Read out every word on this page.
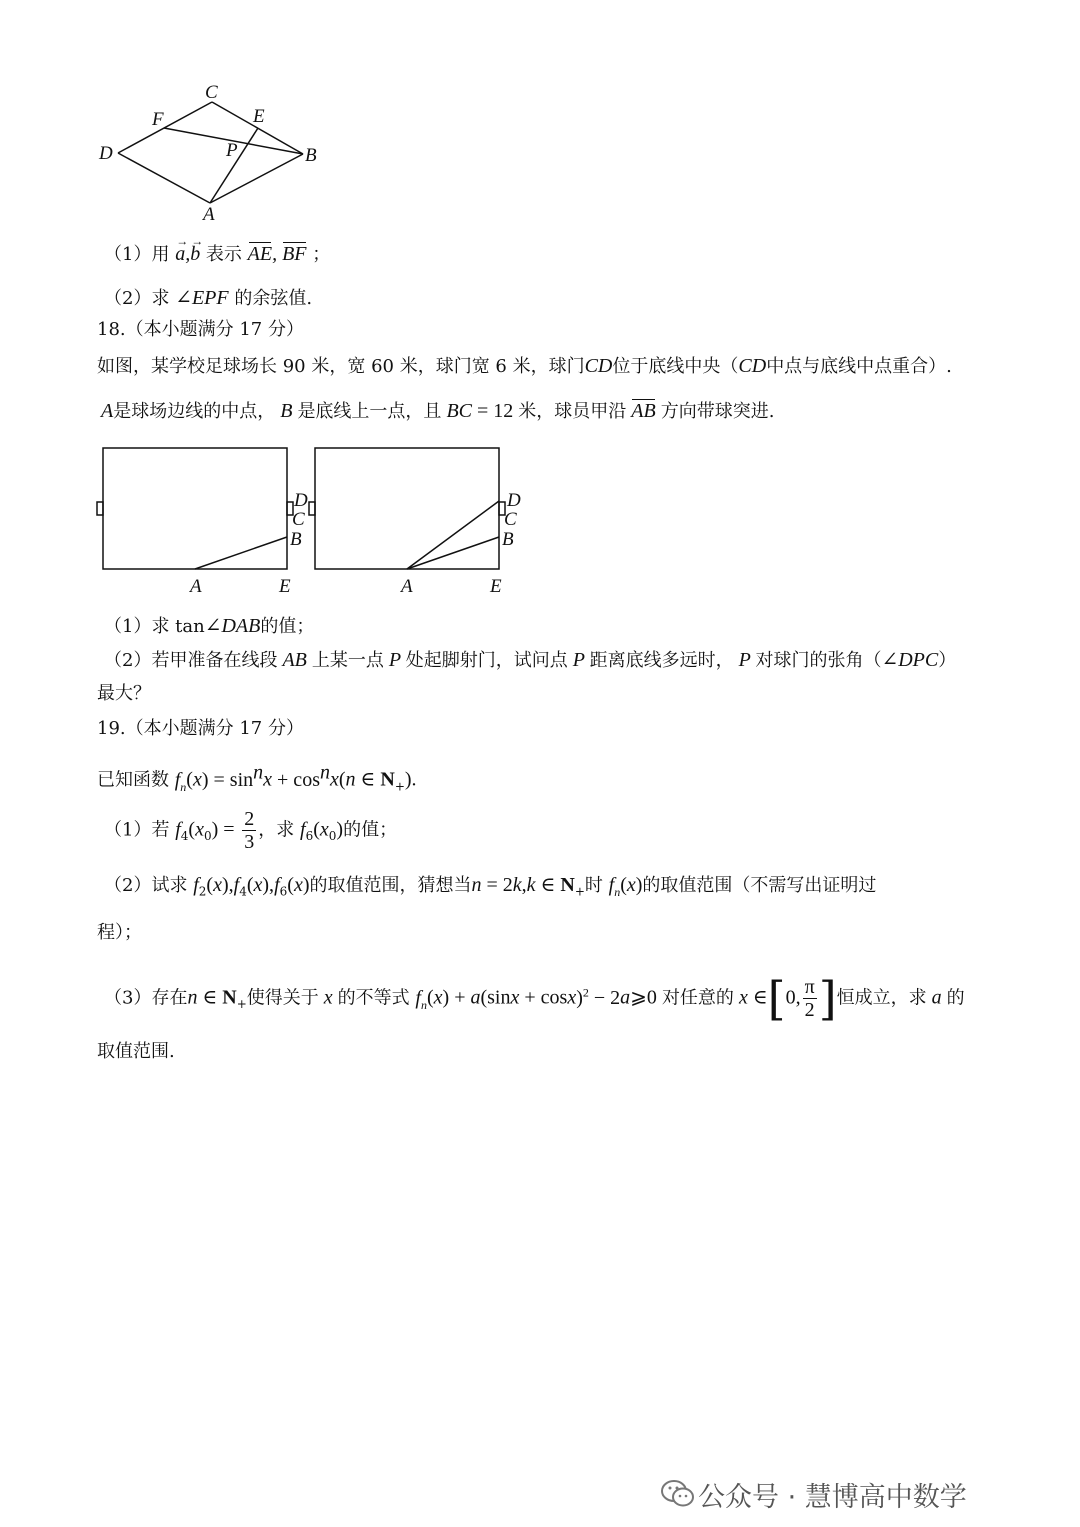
C
F	E
D	P	B
A
（1）用 → a,→ b 表示 AE, BF ；
（2）求 ∠EPF 的余弦值.
18.（本小题满分 17 分）
如图，某学校足球场长 90 米，宽 60 米，球门宽 6 米，球门CD位于底线中央（CD中点与底线中点重合）.
A是球场边线的中点， B 是底线上一点，且 BC = 12 米，球员甲沿 AB 方向带球突进.
D
C
B
A	E
D
C
B
A	E
（1）求 tan∠DAB的值；
（2）若甲准备在线段 AB 上某一点 P 处起脚射门，试问点 P 距离底线多远时， P 对球门的张角（∠DPC）
最大？
19.（本小题满分 17 分）
已知函数 $f_n(x) = \sin^nx + \cos^nx(n$ ∈ $N_+$).
（1）若 $f_4(x_0) = \frac{2}{3}$ ，求 $f_6(x_0)$的值；
（2）试求 $f_2(x),f_4(x),f_6(x)$的取值范围，猜想当n = 2k,k ∈ $N_+$时 $f_n(x)$的取值范围（不需写出证明过
程）；
（3）存在n ∈ $N_+$使得关于 x 的不等式 $f_n(x) + a(\sin x + \cos x)^2$ − 2a⩾0 对任意的 x ∈[0, $\frac{\pi}{2}$ ]恒成立，求 a 的
取值范围.
公众号 · 慧博高中数学
